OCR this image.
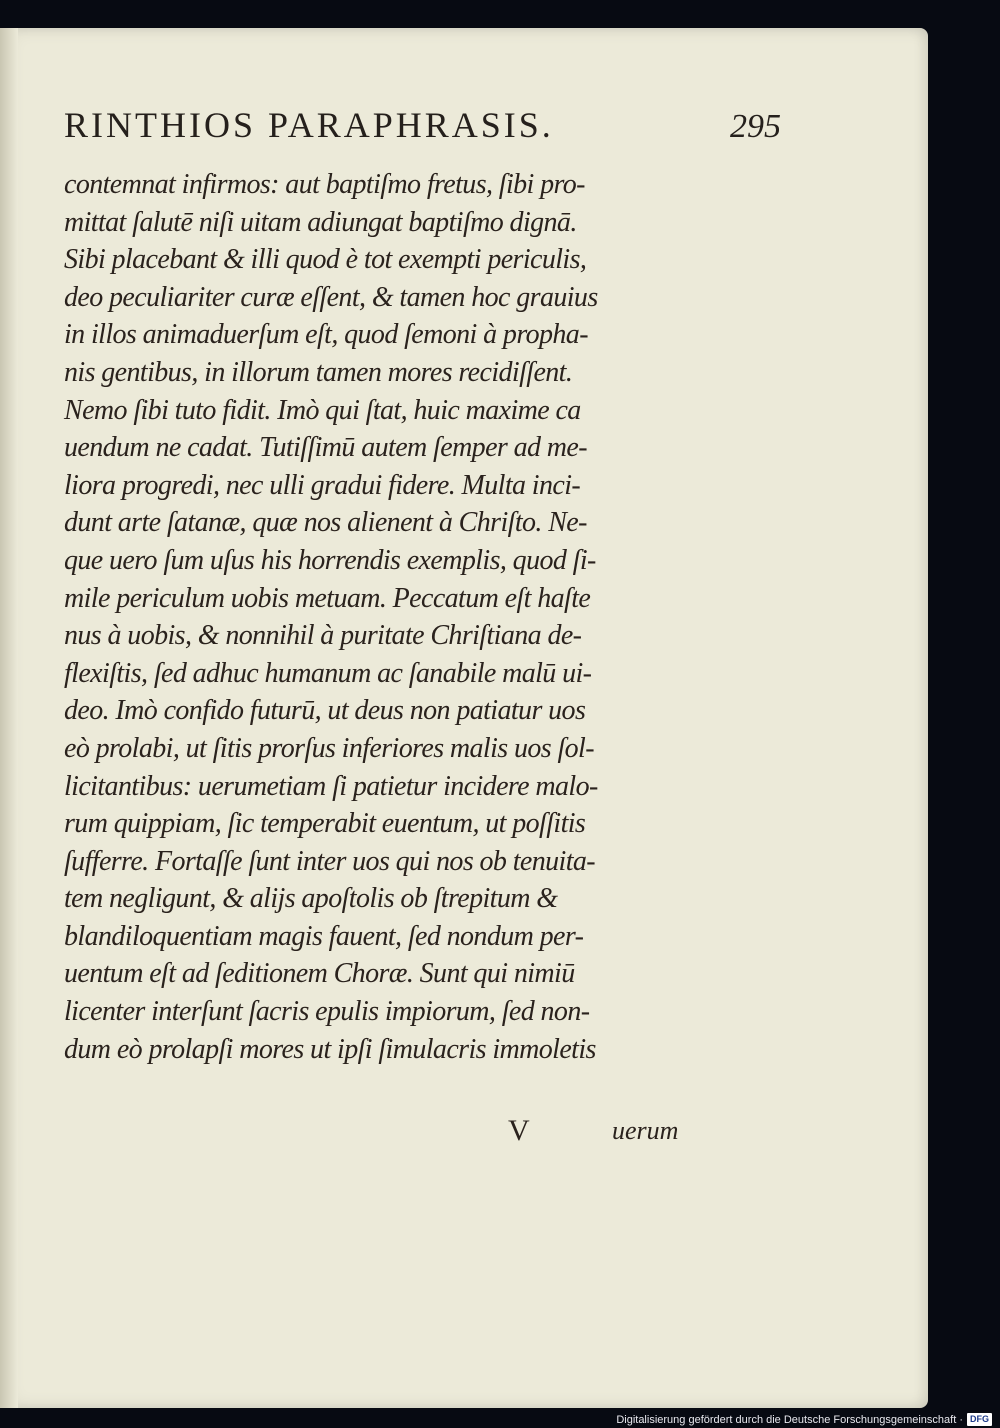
RINTHIOS PARAPHRASIS.	295
contemnat infirmos: aut baptiſmo fretus, ſibi pro-
mittat ſalutē niſi uitam adiungat baptiſmo dignā.
Sibi placebant & illi quod è tot exempti periculis,
deo peculiariter curæ eſſent, & tamen hoc grauius
in illos animaduerſum eſt, quod ſemoni à propha-
nis gentibus, in illorum tamen mores recidiſſent.
Nemo ſibi tuto fidit. Imò qui ſtat, huic maxime ca
uendum ne cadat. Tutiſſimū autem ſemper ad me-
liora progredi, nec ulli gradui fidere. Multa inci-
dunt arte ſatanæ, quæ nos alienent à Chriſto. Ne-
que uero ſum uſus his horrendis exemplis, quod ſi-
mile periculum uobis metuam. Peccatum eſt haſte
nus à uobis, & nonnihil à puritate Chriſtiana de-
flexiſtis, ſed adhuc humanum ac ſanabile malū ui-
deo. Imò confido futurū, ut deus non patiatur uos
eò prolabi, ut ſitis prorſus inferiores malis uos ſol-
licitantibus: uerumetiam ſi patietur incidere malo-
rum quippiam, ſic temperabit euentum, ut poſſitis
ſufferre. Fortaſſe ſunt inter uos qui nos ob tenuita-
tem negligunt, & alijs apoſtolis ob ſtrepitum &
blandiloquentiam magis fauent, ſed nondum per-
uentum eſt ad ſeditionem Choræ. Sunt qui nimiū
licenter interſunt ſacris epulis impiorum, ſed non-
dum eò prolapſi mores ut ipſi ſimulacris immoletis
V	uerum
Digitalisierung gefördert durch die Deutsche Forschungsgemeinschaft · DFG
